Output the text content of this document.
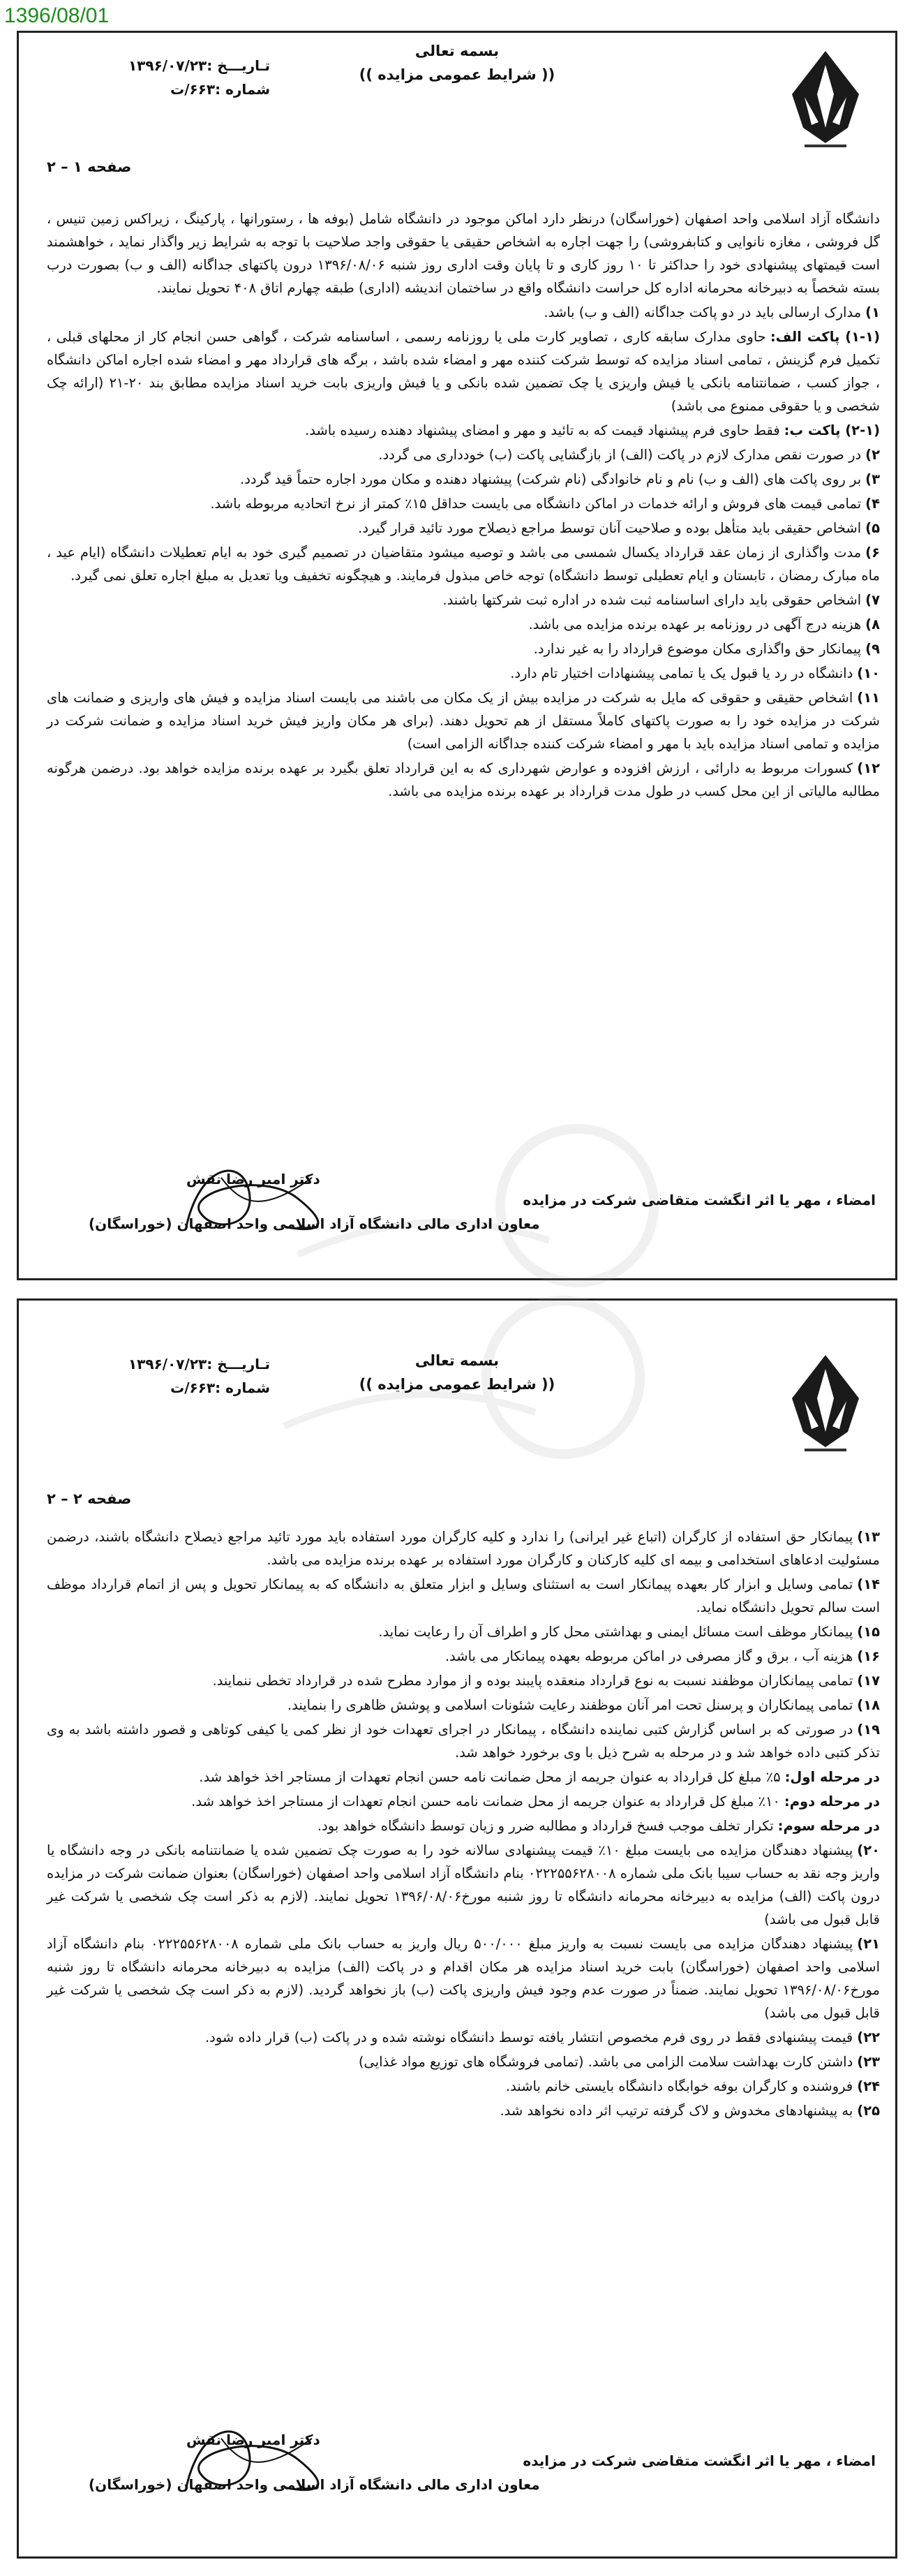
1396/08/01
بسمه تعالی
(( شرایط عمومی مزایده ))
تـاریـــخ :۱۳۹۶/۰۷/۲۳
شماره :۶۶۳/ت
صفحه ۱ – ۲

دانشگاه آزاد اسلامی واحد اصفهان (خوراسگان) درنظر دارد اماکن موجود در دانشگاه شامل (بوفه ها ، رستورانها ، پارکینگ ، زیراکس زمین تنیس ، گل فروشی ، مغازه نانوایی و کتابفروشی) را جهت اجاره به اشخاص حقیقی یا حقوقی واجد صلاحیت با توجه به شرایط زیر واگذار نماید ، خواهشمند است قیمتهای پیشنهادی خود را حداکثر تا ۱۰ روز کاری و تا پایان وقت اداری روز شنبه ۱۳۹۶/۰۸/۰۶ درون پاکتهای جداگانه (الف و ب) بصورت درب بسته شخصاً به دبیرخانه محرمانه اداره کل حراست دانشگاه واقع در ساختمان اندیشه (اداری) طبقه چهارم اتاق ۴۰۸ تحویل نمایند.

۱)مدارک ارسالی باید در دو پاکت جداگانه (الف و ب) باشد.
(۱-۱) پاکت الف:حاوی مدارک سابقه کاری ، تصاویر کارت ملی یا روزنامه رسمی ، اساسنامه شرکت ، گواهی حسن انجام کار از محلهای قبلی ، تکمیل فرم گزینش ، تمامی اسناد مزایده که توسط شرکت کننده مهر و امضاء شده باشد ، برگه های قرارداد مهر و امضاء شده اجاره اماکن دانشگاه ، جواز کسب ، ضمانتنامه بانکی یا فیش واریزی یا چک تضمین شده بانکی و یا فیش واریزی بابت خرید اسناد مزایده مطابق بند ۲۰-۲۱ (ارائه چک شخصی و یا حقوقی ممنوع می باشد)
(۲-۱) پاکت ب:فقط حاوی فرم پیشنهاد قیمت که به تائید و مهر و امضای پیشنهاد دهنده رسیده باشد.
۲)در صورت نقص مدارک لازم در پاکت (الف) از بازگشایی پاکت (ب) خودداری می گردد.
۳)بر روی پاکت های (الف و ب) نام و نام خانوادگی (نام شرکت) پیشنهاد دهنده و مکان مورد اجاره حتماً قید گردد.
۴)تمامی قیمت های فروش و ارائه خدمات در اماکن دانشگاه می بایست حداقل ۱۵٪ کمتر از نرخ اتحادیه مربوطه باشد.
۵)اشخاص حقیقی باید متأهل بوده و صلاحیت آنان توسط مراجع ذیصلاح مورد تائید قرار گیرد.
۶)مدت واگذاری از زمان عقد قرارداد یکسال شمسی می باشد و توصیه میشود متقاضیان در تصمیم گیری خود به ایام تعطیلات دانشگاه (ایام عید ، ماه مبارک رمضان ، تابستان و ایام تعطیلی توسط دانشگاه) توجه خاص مبذول فرمایند. و هیچگونه تخفیف ویا تعدیل به مبلغ اجاره تعلق نمی گیرد.
۷)اشخاص حقوقی باید دارای اساسنامه ثبت شده در اداره ثبت شرکتها باشند.
۸)هزینه درج آگهی در روزنامه بر عهده برنده مزایده می باشد.
۹)پیمانکار حق واگذاری مکان موضوع قرارداد را به غیر ندارد.
۱۰)دانشگاه در رد یا قبول یک یا تمامی پیشنهادات اختیار تام دارد.
۱۱)اشخاص حقیقی و حقوقی که مایل به شرکت در مزایده بیش از یک مکان می باشند می بایست اسناد مزایده و فیش های واریزی و ضمانت های شرکت در مزایده خود را به صورت پاکتهای کاملاً مستقل از هم تحویل دهند. (برای هر مکان واریز فیش خرید اسناد مزایده و ضمانت شرکت در مزایده و تمامی اسناد مزایده باید با مهر و امضاء شرکت کننده جداگانه الزامی است)
۱۲)کسورات مربوط به دارائی ، ارزش افزوده و عوارض شهرداری که به این قرارداد تعلق بگیرد بر عهده برنده مزایده خواهد بود. درضمن هرگونه مطالبه مالیاتی از این محل کسب در طول مدت قرارداد بر عهده برنده مزایده می باشد.
امضاء ، مهر یا اثر انگشت متقاضی شرکت در مزایده
دکتر امیر رضا نقش
معاون اداری مالی دانشگاه آزاد اسلامی واحد اصفهان (خوراسگان)
بسمه تعالی
(( شرایط عمومی مزایده ))
تـاریـــخ :۱۳۹۶/۰۷/۲۳
شماره :۶۶۳/ت
صفحه ۲ – ۲
۱۳)پیمانکار حق استفاده از کارگران (اتباع غیر ایرانی) را ندارد و کلیه کارگران مورد استفاده باید مورد تائید مراجع ذیصلاح دانشگاه باشند، درضمن مسئولیت ادعاهای استخدامی و بیمه ای کلیه کارکنان و کارگران مورد استفاده بر عهده برنده مزایده می باشد.
۱۴)تمامی وسایل و ابزار کار بعهده پیمانکار است به استثنای وسایل و ابزار متعلق به دانشگاه که به پیمانکار تحویل و پس از اتمام قرارداد موظف است سالم تحویل دانشگاه نماید.
۱۵)پیمانکار موظف است مسائل ایمنی و بهداشتی محل کار و اطراف آن را رعایت نماید.
۱۶)هزینه آب ، برق و گاز مصرفی در اماکن مربوطه بعهده پیمانکار می باشد.
۱۷)تمامی پیمانکاران موظفند نسبت به نوع قرارداد منعقده پایبند بوده و از موارد مطرح شده در قرارداد تخطی ننمایند.
۱۸)تمامی پیمانکاران و پرسنل تحت امر آنان موظفند رعایت شئونات اسلامی و پوشش ظاهری را بنمایند.
۱۹)در صورتی که بر اساس گزارش کتبی نماینده دانشگاه ، پیمانکار در اجرای تعهدات خود از نظر کمی یا کیفی کوتاهی و قصور داشته باشد به وی تذکر کتبی داده خواهد شد و در مرحله به شرح ذیل با وی برخورد خواهد شد.
در مرحله اول:۵٪ مبلغ کل قرارداد به عنوان جریمه از محل ضمانت نامه حسن انجام تعهدات از مستاجر اخذ خواهد شد.
در مرحله دوم:۱۰٪ مبلغ کل قرارداد به عنوان جریمه از محل ضمانت نامه حسن انجام تعهدات از مستاجر اخذ خواهد شد.
در مرحله سوم:تکرار تخلف موجب فسخ قرارداد و مطالبه ضرر و زیان توسط دانشگاه خواهد بود.
۲۰)پیشنهاد دهندگان مزایده می بایست مبلغ ۱۰٪ قیمت پیشنهادی سالانه خود را به صورت چک تضمین شده یا ضمانتنامه بانکی در وجه دانشگاه یا واریز وجه نقد به حساب سیبا بانک ملی شماره ۰۲۲۲۵۵۶۲۸۰۰۸ بنام دانشگاه آزاد اسلامی واحد اصفهان (خوراسگان) بعنوان ضمانت شرکت در مزایده درون پاکت (الف) مزایده به دبیرخانه محرمانه دانشگاه تا روز شنبه مورخ۱۳۹۶/۰۸/۰۶ تحویل نمایند. (لازم به ذکر است چک شخصی یا شرکت غیر قابل قبول می باشد)
۲۱)پیشنهاد دهندگان مزایده می بایست نسبت به واریز مبلغ ۵۰۰/۰۰۰ ریال واریز به حساب بانک ملی شماره ۰۲۲۲۵۵۶۲۸۰۰۸ بنام دانشگاه آزاد اسلامی واحد اصفهان (خوراسگان) بابت خرید اسناد مزایده هر مکان اقدام و در پاکت (الف) مزایده به دبیرخانه محرمانه دانشگاه تا روز شنبه مورخ۱۳۹۶/۰۸/۰۶ تحویل نمایند. ضمناً در صورت عدم وجود فیش واریزی پاکت (ب) باز نخواهد گردید. (لازم به ذکر است چک شخصی یا شرکت غیر قابل قبول می باشد)
۲۲)قیمت پیشنهادی فقط در روی فرم مخصوص انتشار یافته توسط دانشگاه نوشته شده و در پاکت (ب) قرار داده شود.
۲۳)داشتن کارت بهداشت سلامت الزامی می باشد. (تمامی فروشگاه های توزیع مواد غذایی)
۲۴)فروشنده و کارگران بوفه خوابگاه دانشگاه بایستی خانم باشند.
۲۵)به پیشنهادهای مخدوش و لاک گرفته ترتیب اثر داده نخواهد شد.
امضاء ، مهر یا اثر انگشت متقاضی شرکت در مزایده
دکتر امیر رضا نقش
معاون اداری مالی دانشگاه آزاد اسلامی واحد اصفهان (خوراسگان)
